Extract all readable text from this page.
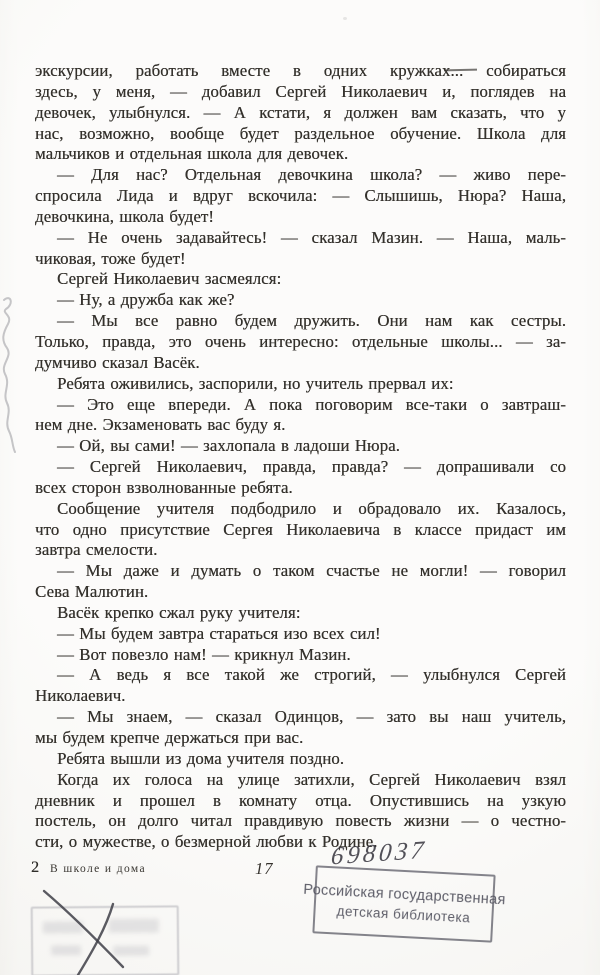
экскурсии, работать вместе в одних кружках... собираться
здесь, у меня, — добавил Сергей Николаевич и, поглядев на
девочек, улыбнулся. — А кстати, я должен вам сказать, что у
нас, возможно, вообще будет раздельное обучение. Школа для
мальчиков и отдельная школа для девочек.
— Для нас? Отдельная девочкина школа? — живо пере-
спросила Лида и вдруг вскочила: — Слышишь, Нюра? Наша,
девочкина, школа будет!
— Не очень задавайтесь! — сказал Мазин. — Наша, маль-
чиковая, тоже будет!
Сергей Николаевич засмеялся:
— Ну, а дружба как же?
— Мы все равно будем дружить. Они нам как сестры.
Только, правда, это очень интересно: отдельные школы... — за-
думчиво сказал Васёк.
Ребята оживились, заспорили, но учитель прервал их:
— Это еще впереди. А пока поговорим все-таки о завтраш-
нем дне. Экзаменовать вас буду я.
— Ой, вы сами! — захлопала в ладоши Нюра.
— Сергей Николаевич, правда, правда? — допрашивали со
всех сторон взволнованные ребята.
Сообщение учителя подбодрило и обрадовало их. Казалось,
что одно присутствие Сергея Николаевича в классе придаст им
завтра смелости.
— Мы даже и думать о таком счастье не могли! — говорил
Сева Малютин.
Васёк крепко сжал руку учителя:
— Мы будем завтра стараться изо всех сил!
— Вот повезло нам! — крикнул Мазин.
— А ведь я все такой же строгий, — улыбнулся Сергей
Николаевич.
— Мы знаем, — сказал Одинцов, — зато вы наш учитель,
мы будем крепче держаться при вас.
Ребята вышли из дома учителя поздно.
Когда их голоса на улице затихли, Сергей Николаевич взял
дневник и прошел в комнату отца. Опустившись на узкую
постель, он долго читал правдивую повесть жизни — о честно-
сти, о мужестве, о безмерной любви к Родине.
2 В школе и дома	17 698037
Российская государственная
детская библиотека
